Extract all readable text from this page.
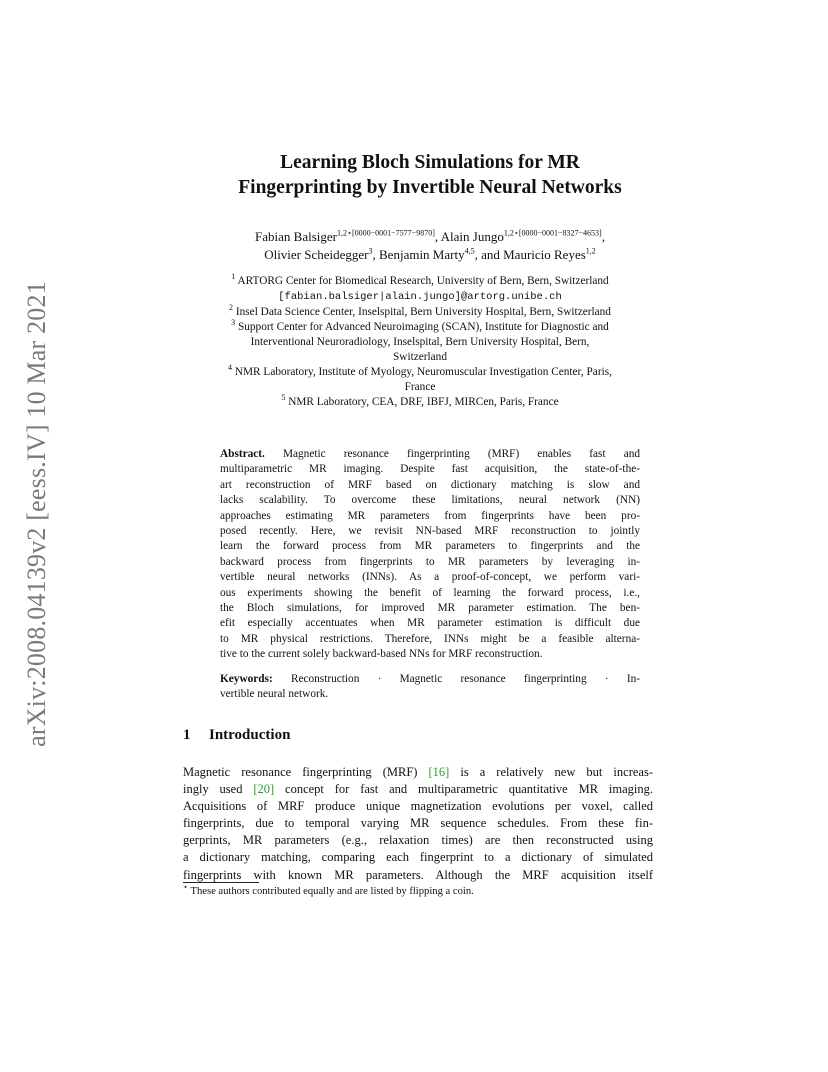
arXiv:2008.04139v2 [eess.IV] 10 Mar 2021
Learning Bloch Simulations for MR
Fingerprinting by Invertible Neural Networks
Fabian Balsiger$^{1,2⋆[0000-0001-7577-9870]}$, Alain Jungo$^{1,2⋆[0000-0001-8327-4653]}$,
Olivier Scheidegger$^3$, Benjamin Marty$^{4,5}$, and Mauricio Reyes$^{1,2}$
$^1$ ARTORG Center for Biomedical Research, University of Bern, Bern, Switzerland
[fabian.balsiger|alain.jungo]@artorg.unibe.ch
$^2$ Insel Data Science Center, Inselspital, Bern University Hospital, Bern, Switzerland
$^3$ Support Center for Advanced Neuroimaging (SCAN), Institute for Diagnostic and
Interventional Neuroradiology, Inselspital, Bern University Hospital, Bern,
Switzerland
$^4$ NMR Laboratory, Institute of Myology, Neuromuscular Investigation Center, Paris,
France
$^5$ NMR Laboratory, CEA, DRF, IBFJ, MIRCen, Paris, France
Abstract. Magnetic resonance fingerprinting (MRF) enables fast and
multiparametric MR imaging. Despite fast acquisition, the state-of-the-
art reconstruction of MRF based on dictionary matching is slow and
lacks scalability. To overcome these limitations, neural network (NN)
approaches estimating MR parameters from fingerprints have been pro-
posed recently. Here, we revisit NN-based MRF reconstruction to jointly
learn the forward process from MR parameters to fingerprints and the
backward process from fingerprints to MR parameters by leveraging in-
vertible neural networks (INNs). As a proof-of-concept, we perform vari-
ous experiments showing the benefit of learning the forward process, i.e.,
the Bloch simulations, for improved MR parameter estimation. The ben-
efit especially accentuates when MR parameter estimation is difficult due
to MR physical restrictions. Therefore, INNs might be a feasible alterna-
tive to the current solely backward-based NNs for MRF reconstruction.
Keywords: Reconstruction · Magnetic resonance fingerprinting · In-
vertible neural network.
1 Introduction
Magnetic resonance fingerprinting (MRF) [16] is a relatively new but increas-
ingly used [20] concept for fast and multiparametric quantitative MR imaging.
Acquisitions of MRF produce unique magnetization evolutions per voxel, called
fingerprints, due to temporal varying MR sequence schedules. From these fin-
gerprints, MR parameters (e.g., relaxation times) are then reconstructed using
a dictionary matching, comparing each fingerprint to a dictionary of simulated
fingerprints with known MR parameters. Although the MRF acquisition itself
⋆ These authors contributed equally and are listed by flipping a coin.
